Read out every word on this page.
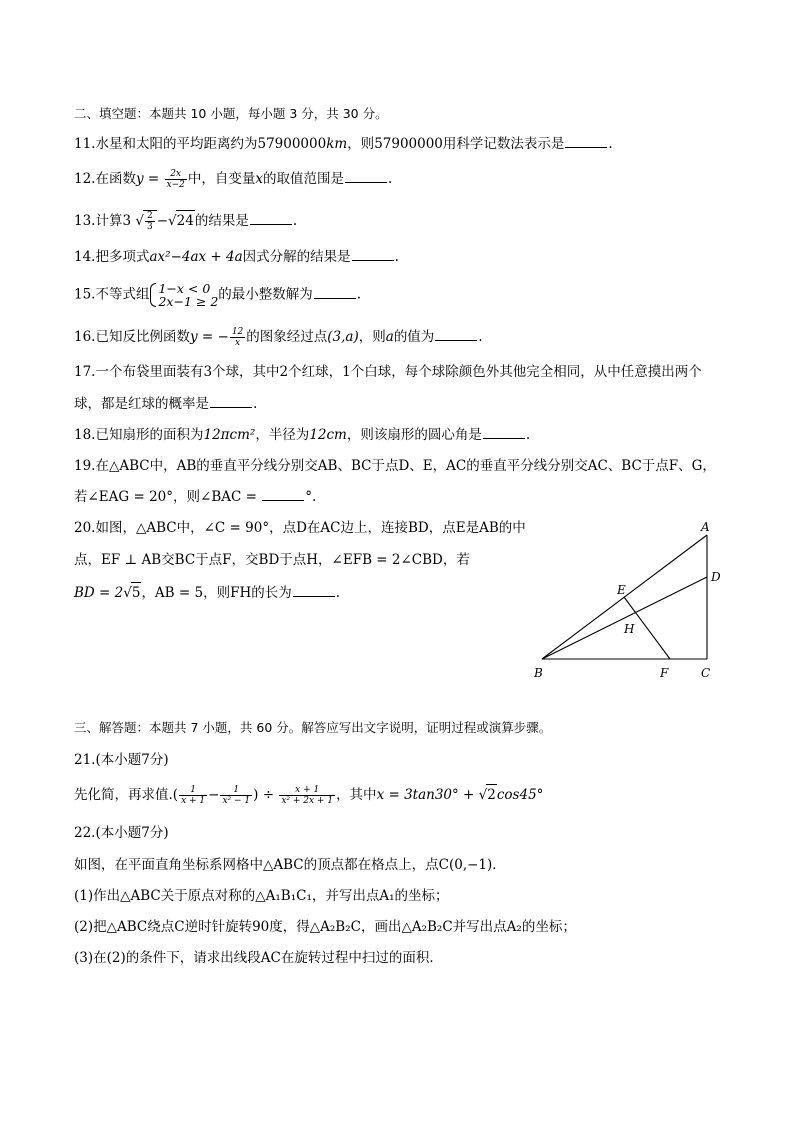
二、填空题：本题共 10 小题，每小题 3 分，共 30 分。
11.水星和太阳的平均距离约为57900000km，则57900000用科学记数法表示是	.
12.在函数$y = \frac{2x}{x-2}$ 中，自变量x的取值范围是	.
13.计算3 √ $\frac{2}{3} -√24$的结果是	.
14.把多项式ax²−4ax + 4a因式分解的结果是	.
15.不等式组 1−x < 0
2x−1 ≥ 2 的最小整数解为	.
16.已知反比例函数y = − $\frac{12}{x}$ 的图象经过点(3,a)，则a的值为	.
17.一个布袋里面装有3个球，其中2个红球，1个白球，每个球除颜色外其他完全相同，从中任意摸出两个
球，都是红球的概率是	.
18.已知扇形的面积为12πcm²，半径为12cm，则该扇形的圆心角是	.
19.在△ABC中，AB的垂直平分线分别交AB、BC于点D、E，AC的垂直平分线分别交AC、BC于点F、G，
若∠EAG = 20°，则∠BAC =	°.
20.如图，△ABC中，∠C = 90°，点D在AC边上，连接BD，点E是AB的中
点，EF ⊥ AB交BC于点F，交BD于点H，∠EFB = 2∠CBD，若
BD = 2√5，AB = 5，则FH的长为	.
A
B	C
D
E
F
H
三、解答题：本题共 7 小题，共 60 分。解答应写出文字说明，证明过程或演算步骤。
21.(本小题7分)
先化简，再求值.( $\frac{1}{x + 1} - \frac{1}{\text{x² − 1}}$ ) ÷ $\frac{x + 1}{\text{x² + 2x + 1}}$ ，其中x = 3tan30° + √2cos45°
22.(本小题7分)
如图，在平面直角坐标系网格中△ABC的顶点都在格点上，点C(0,−1)．
(1)作出△ABC关于原点对称的△A₁B₁C₁，并写出点A₁的坐标；
(2)把△ABC绕点C逆时针旋转90度，得△A₂B₂C，画出△A₂B₂C并写出点A₂的坐标；
(3)在(2)的条件下，请求出线段AC在旋转过程中扫过的面积．
